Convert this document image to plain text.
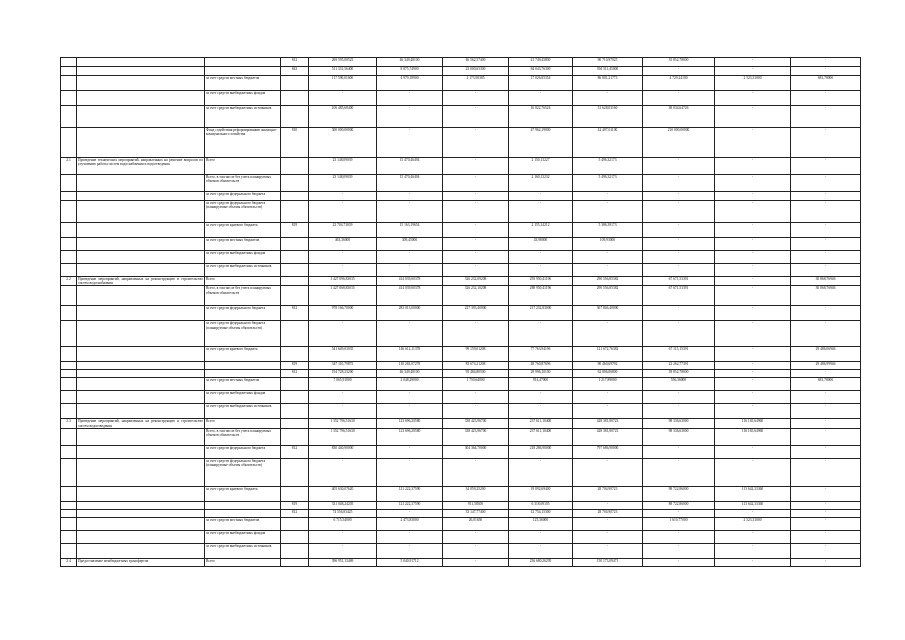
			812	269 595,00525	46 349,48100	46 562,57400	41 749,45800	90 710,97025	35 852,78000	-	-
			843	511 331,56400	8 875,74900	23 000,65300	84 043,76300	394 511,45000	-	-	-
		за счет средств местных бюджетов		117 590,01600	4 979,18900	2 173,90385	17 026,85354	86 801,21773	4 729,24100	2 523,31000	681,78000
		за счет средств внебюджетных фондов		-	-	-	-	-	-	-	-
		за счет средств внебюджетных источников		106 485,68400	-	-	16 822,76524	51 628,03160	38 034,64726	-	-
		Фонд содействия реформированию жилищно-коммунального хозяйства	810	300 000,00000	-	-	47 962,19000	42 407,61100	210 000,00000	-	-
2.1	Проведение технических мероприятий, направленных на решение вопросов по улучшению работы систем водоснабжения и водоотведения	Всего		23 148,09039	15 470,46494	-	2 150,13227	5 496,32173	-	-	-
		Всего, в том числе без учета планируемых объемов обязательств		23 148,09039	15 470,46494	-	2 160,13232	5 496,32173	-	-	-
		за счет средств федерального бюджета		-	-	-	-	-	-	-	-
		за счет средств федерального бюджета (планируемые объемы обязательств)		-	-	-	-	-	-	-	-
		за счет средств краевого бюджета	819	22 704,73039	15 163,19654	-	2 155,14212	5 386,39173	-	-	-
		за счет средств местных бюджетов		463,36000	309,45000	-	43,98000	109,93000	-	-	-
		за счет средств внебюджетных фондов		-	-	-	-	-	-	-	-
		за счет средств внебюджетных источников		-	-	-	-	-	-	-	-
2.2	Проведение мероприятий, направленных на реконструкцию и строительство систем водоснабжения	Всего		1 427 096,83035	414 039,00378	326 232,09208	293 950,41196	290 556,85382	67 671,53391	-	30 868,76946
		Всего, в том числе без учета планируемых объемов обязательств		1 427 068,83035	414 039,00378	326 232,10208	288 950,41196	290 556,85382	67 671,53391	-	30 068,76946
		за счет средств федерального бюджета	812	978 166,70000	283 013,00000	227 393,40000	217 232,83000	367 846,40000	-	-	-
		за счет средств федерального бюджета (планируемые объемы обязательств)		-	-	-	-	-	-	-	-
		за счет средств краевого бюджета		541 649,03035	146 612,11378	99 159,01208	77 763,94196	121 672,76382	67 115,15391	-	29 486,06946
			819	347 110,79875	110 263,07278	83 674,21208	48 760,87696	90 460,69792	22 262,77391	-	29 486,99946
			812	194 728,23200	46 349,48100	95 484,80500	29 996,10100	62 806,06800	39 852,78000	-	-
		за счет средств местных бюджетов		7 065,91000	2 048,29000	1 750,64000	914,47000	1 217,89000	556,36000	-	681,78000
		за счет средств внебюджетных фондов		-	-	-	-	-	-	-	-
		за счет средств внебюджетных источников		-	-	-	-	-	-	-	-
2.3	Проведение мероприятий, направленных на реконструкцию и строительство систем водоотведения	Всего		1 352 796,51630	123 696,20580	338 423,96700	237 611,10400	428 381,80723	98 336,63000	116 165,64960	-
		Всего, в том числе без учета планируемых объемов обязательств		1 352 796,51630	123 696,20580	338 423,96700	237 611,10400	428 381,80723	98 336,63000	116 165,64960	-
		за счет средств федерального бюджета	812	830 440,90000	-	304 364,70000	218 286,90000	797 686,90000	-	-	-
		за счет средств федерального бюджета (планируемые объемы обязательств)		-	-	-	-	-	-	-	-
		за счет средств краевого бюджета		405 630,07620	121 222,37590	34 059,25200	19 092,69400	28 704,90723	98 722,86000	113 642,33360	-
			819	331 048,24205	121 222,37590	911,58300	6 318,69105	-	88 722,86000	113 642,33360	-
			812	74 556,83425	-	33 147,77400	12 754,15300	28 704,90723	-	-	-
		за счет средств местных бюджетов		6 715,54000	2 473,83000	26,01650	125,36000	-	1 610,77000	2 523,31000	-
		за счет средств внебюджетных фондов		-	-	-	-	-	-	-	-
		за счет средств внебюджетных источников		-	-	-	-	-	-	-	-
2.4	Предоставление межбюджетных трансфертов	Всего		396 951,13469	5 040,91712	-	236 680,26295	150 173,09471	-	-	-
